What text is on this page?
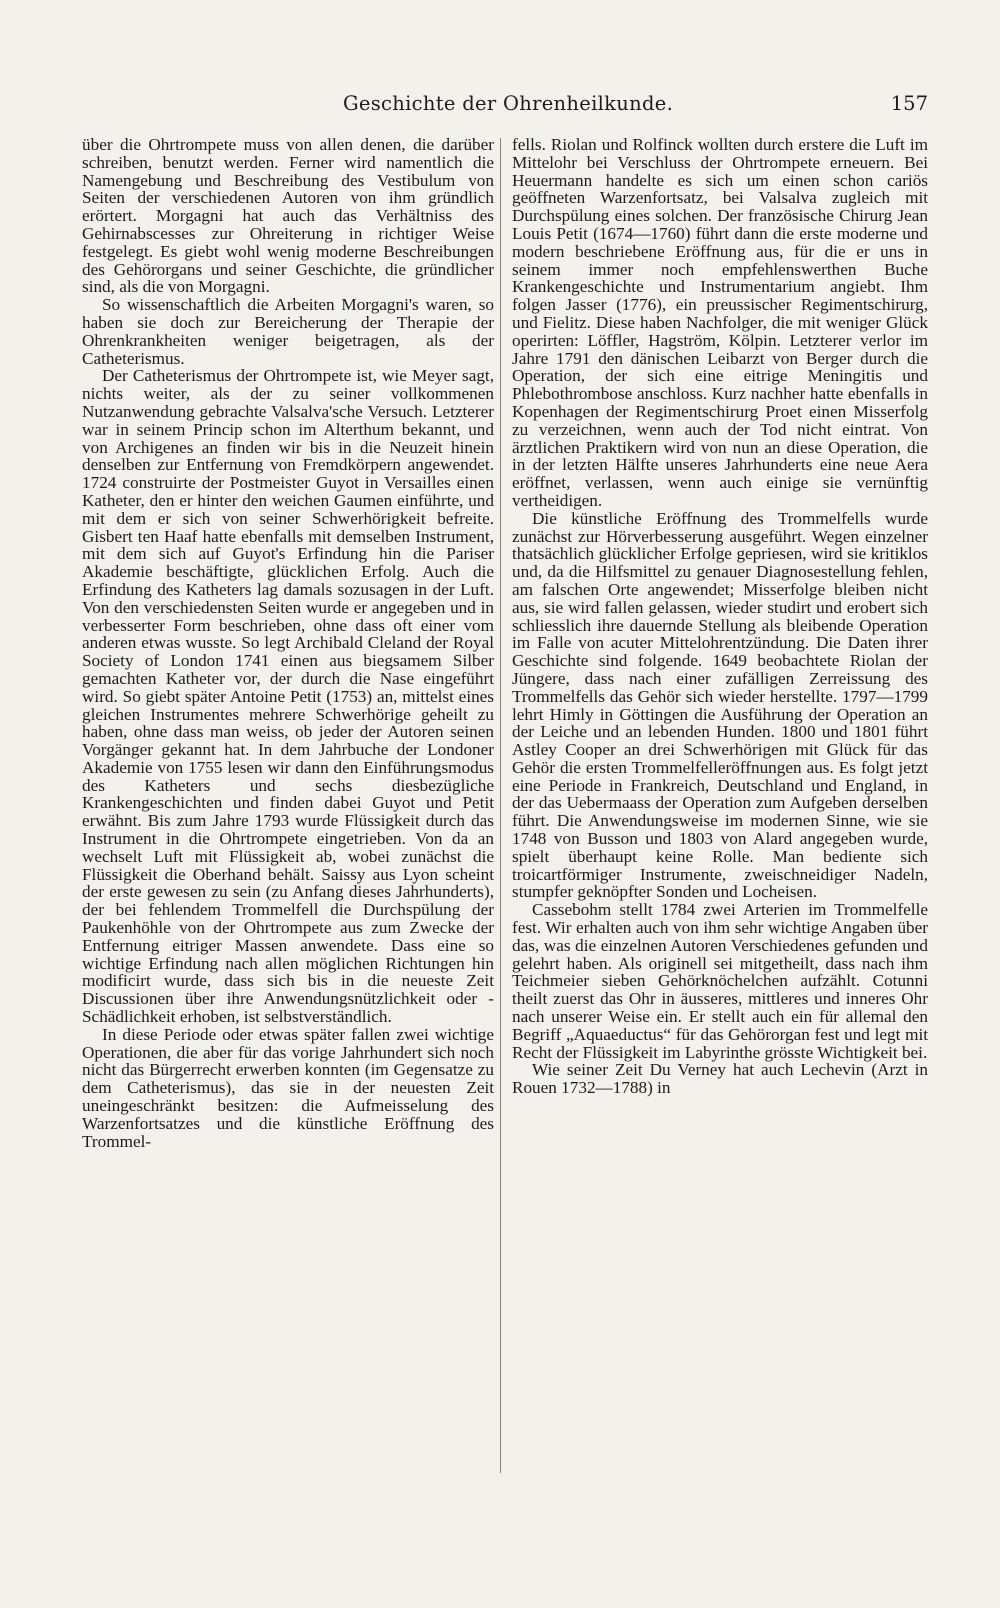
Geschichte der Ohrenheilkunde.	157

über die Ohrtrompete muss von allen denen, die darüber schreiben, benutzt werden. Ferner wird namentlich die Namengebung und Beschreibung des Vestibulum von Seiten der verschiedenen Autoren von ihm gründlich erörtert. Morgagni hat auch das Verhältniss des Gehirnabscesses zur Ohreiterung in richtiger Weise festgelegt. Es giebt wohl wenig moderne Beschreibungen des Gehörorgans und seiner Geschichte, die gründlicher sind, als die von Morgagni.

So wissenschaftlich die Arbeiten Morgagni's waren, so haben sie doch zur Bereicherung der Therapie der Ohrenkrankheiten weniger beigetragen, als der Catheterismus.

Der Catheterismus der Ohrtrompete ist, wie Meyer sagt, nichts weiter, als der zu seiner vollkommenen Nutzanwendung gebrachte Valsalva'sche Versuch. Letzterer war in seinem Princip schon im Alterthum bekannt, und von Archigenes an finden wir bis in die Neuzeit hinein denselben zur Entfernung von Fremdkörpern angewendet. 1724 construirte der Postmeister Guyot in Versailles einen Katheter, den er hinter den weichen Gaumen einführte, und mit dem er sich von seiner Schwerhörigkeit befreite. Gisbert ten Haaf hatte ebenfalls mit demselben Instrument, mit dem sich auf Guyot's Erfindung hin die Pariser Akademie beschäftigte, glücklichen Erfolg. Auch die Erfindung des Katheters lag damals sozusagen in der Luft. Von den verschiedensten Seiten wurde er angegeben und in verbesserter Form beschrieben, ohne dass oft einer vom anderen etwas wusste. So legt Archibald Cleland der Royal Society of London 1741 einen aus biegsamem Silber gemachten Katheter vor, der durch die Nase eingeführt wird. So giebt später Antoine Petit (1753) an, mittelst eines gleichen Instrumentes mehrere Schwerhörige geheilt zu haben, ohne dass man weiss, ob jeder der Autoren seinen Vorgänger gekannt hat. In dem Jahrbuche der Londoner Akademie von 1755 lesen wir dann den Einführungsmodus des Katheters und sechs diesbezügliche Krankengeschichten und finden dabei Guyot und Petit erwähnt. Bis zum Jahre 1793 wurde Flüssigkeit durch das Instrument in die Ohrtrompete eingetrieben. Von da an wechselt Luft mit Flüssigkeit ab, wobei zunächst die Flüssigkeit die Oberhand behält. Saissy aus Lyon scheint der erste gewesen zu sein (zu Anfang dieses Jahrhunderts), der bei fehlendem Trommelfell die Durchspülung der Paukenhöhle von der Ohrtrompete aus zum Zwecke der Entfernung eitriger Massen anwendete. Dass eine so wichtige Erfindung nach allen möglichen Richtungen hin modificirt wurde, dass sich bis in die neueste Zeit Discussionen über ihre Anwendungsnützlichkeit oder -Schädlichkeit erhoben, ist selbstverständlich.

In diese Periode oder etwas später fallen zwei wichtige Operationen, die aber für das vorige Jahrhundert sich noch nicht das Bürgerrecht erwerben konnten (im Gegensatze zu dem Catheterismus), das sie in der neuesten Zeit uneingeschränkt besitzen: die Aufmeisselung des Warzenfortsatzes und die künstliche Eröffnung des Trommel-

fells. Riolan und Rolfinck wollten durch erstere die Luft im Mittelohr bei Verschluss der Ohrtrompete erneuern. Bei Heuermann handelte es sich um einen schon cariös geöffneten Warzenfortsatz, bei Valsalva zugleich mit Durchspülung eines solchen. Der französische Chirurg Jean Louis Petit (1674—1760) führt dann die erste moderne und modern beschriebene Eröffnung aus, für die er uns in seinem immer noch empfehlenswerthen Buche Krankengeschichte und Instrumentarium angiebt. Ihm folgen Jasser (1776), ein preussischer Regimentschirurg, und Fielitz. Diese haben Nachfolger, die mit weniger Glück operirten: Löffler, Hagström, Kölpin. Letzterer verlor im Jahre 1791 den dänischen Leibarzt von Berger durch die Operation, der sich eine eitrige Meningitis und Phlebothrombose anschloss. Kurz nachher hatte ebenfalls in Kopenhagen der Regimentschirurg Proet einen Misserfolg zu verzeichnen, wenn auch der Tod nicht eintrat. Von ärztlichen Praktikern wird von nun an diese Operation, die in der letzten Hälfte unseres Jahrhunderts eine neue Aera eröffnet, verlassen, wenn auch einige sie vernünftig vertheidigen.

Die künstliche Eröffnung des Trommelfells wurde zunächst zur Hörverbesserung ausgeführt. Wegen einzelner thatsächlich glücklicher Erfolge gepriesen, wird sie kritiklos und, da die Hilfsmittel zu genauer Diagnosestellung fehlen, am falschen Orte angewendet; Misserfolge bleiben nicht aus, sie wird fallen gelassen, wieder studirt und erobert sich schliesslich ihre dauernde Stellung als bleibende Operation im Falle von acuter Mittelohrentzündung. Die Daten ihrer Geschichte sind folgende. 1649 beobachtete Riolan der Jüngere, dass nach einer zufälligen Zerreissung des Trommelfells das Gehör sich wieder herstellte. 1797—1799 lehrt Himly in Göttingen die Ausführung der Operation an der Leiche und an lebenden Hunden. 1800 und 1801 führt Astley Cooper an drei Schwerhörigen mit Glück für das Gehör die ersten Trommelfelleröffnungen aus. Es folgt jetzt eine Periode in Frankreich, Deutschland und England, in der das Uebermaass der Operation zum Aufgeben derselben führt. Die Anwendungsweise im modernen Sinne, wie sie 1748 von Busson und 1803 von Alard angegeben wurde, spielt überhaupt keine Rolle. Man bediente sich troicartförmiger Instrumente, zweischneidiger Nadeln, stumpfer geknöpfter Sonden und Locheisen.

Cassebohm stellt 1784 zwei Arterien im Trommelfelle fest. Wir erhalten auch von ihm sehr wichtige Angaben über das, was die einzelnen Autoren Verschiedenes gefunden und gelehrt haben. Als originell sei mitgetheilt, dass nach ihm Teichmeier sieben Gehörknöchelchen aufzählt. Cotunni theilt zuerst das Ohr in äusseres, mittleres und inneres Ohr nach unserer Weise ein. Er stellt auch ein für allemal den Begriff „Aquaeductus“ für das Gehörorgan fest und legt mit Recht der Flüssigkeit im Labyrinthe grösste Wichtigkeit bei.

Wie seiner Zeit Du Verney hat auch Lechevin (Arzt in Rouen 1732—1788) in
